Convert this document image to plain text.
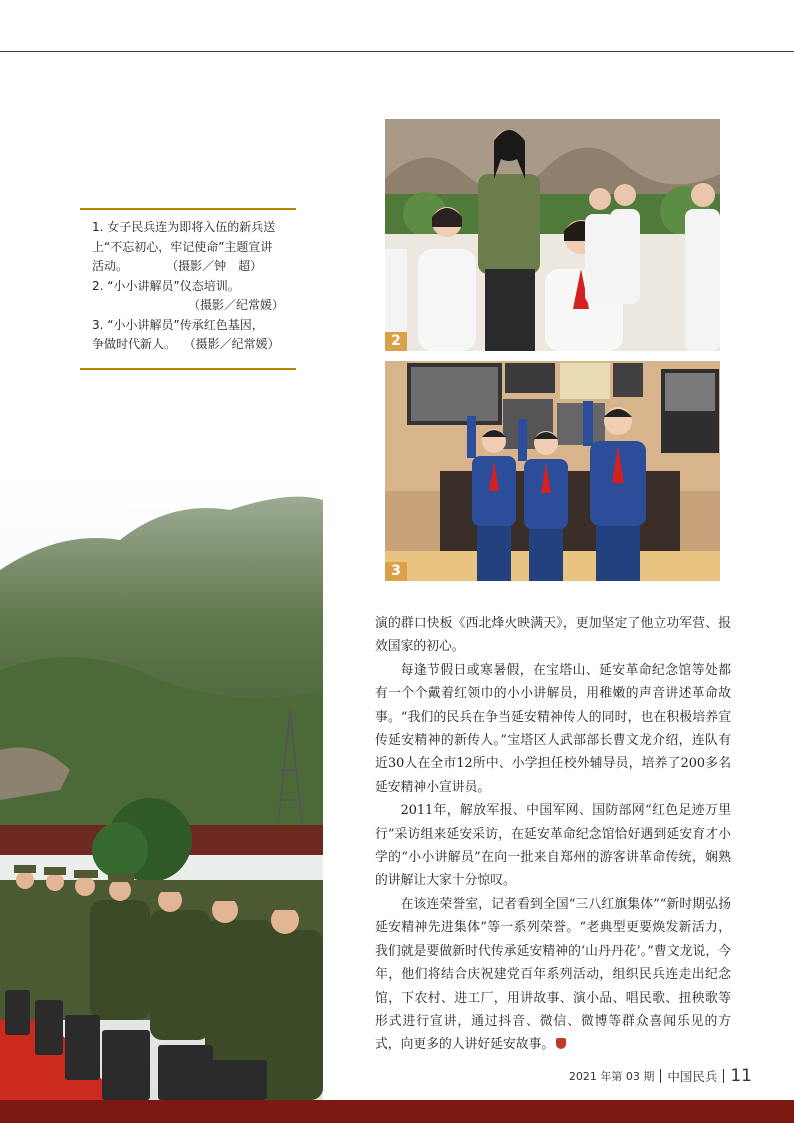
1. 女子民兵连为即将入伍的新兵送
上“不忘初心，牢记使命”主题宣讲
活动。          （摄影／钟　超）
2. “小小讲解员”仪态培训。
（摄影／纪常媛）
3. “小小讲解员”传承红色基因，
争做时代新人。  （摄影／纪常媛）	2
3

演的群口快板《西北烽火映满天》，更加坚定了他立功军营、报效国家的初心。

每逢节假日或寒暑假，在宝塔山、延安革命纪念馆等处都有一个个戴着红领巾的小小讲解员，用稚嫩的声音讲述革命故事。“我们的民兵在争当延安精神传人的同时，也在积极培养宣传延安精神的新传人。”宝塔区人武部部长曹文龙介绍，连队有近30人在全市12所中、小学担任校外辅导员，培养了200多名延安精神小宣讲员。

2011年，解放军报、中国军网、国防部网“红色足迹万里行”采访组来延安采访，在延安革命纪念馆恰好遇到延安育才小学的“小小讲解员”在向一批来自郑州的游客讲革命传统，娴熟的讲解让大家十分惊叹。

在该连荣誉室，记者看到全国“三八红旗集体”“新时期弘扬延安精神先进集体”等一系列荣誉。“老典型更要焕发新活力，我们就是要做新时代传承延安精神的‘山丹丹花’。”曹文龙说，今年，他们将结合庆祝建党百年系列活动，组织民兵连走出纪念馆，下农村、进工厂，用讲故事、演小品、唱民歌、扭秧歌等形式进行宣讲，通过抖音、微信、微博等群众喜闻乐见的方式，向更多的人讲好延安故事。

2021 年第 03 期 中国民兵 11
